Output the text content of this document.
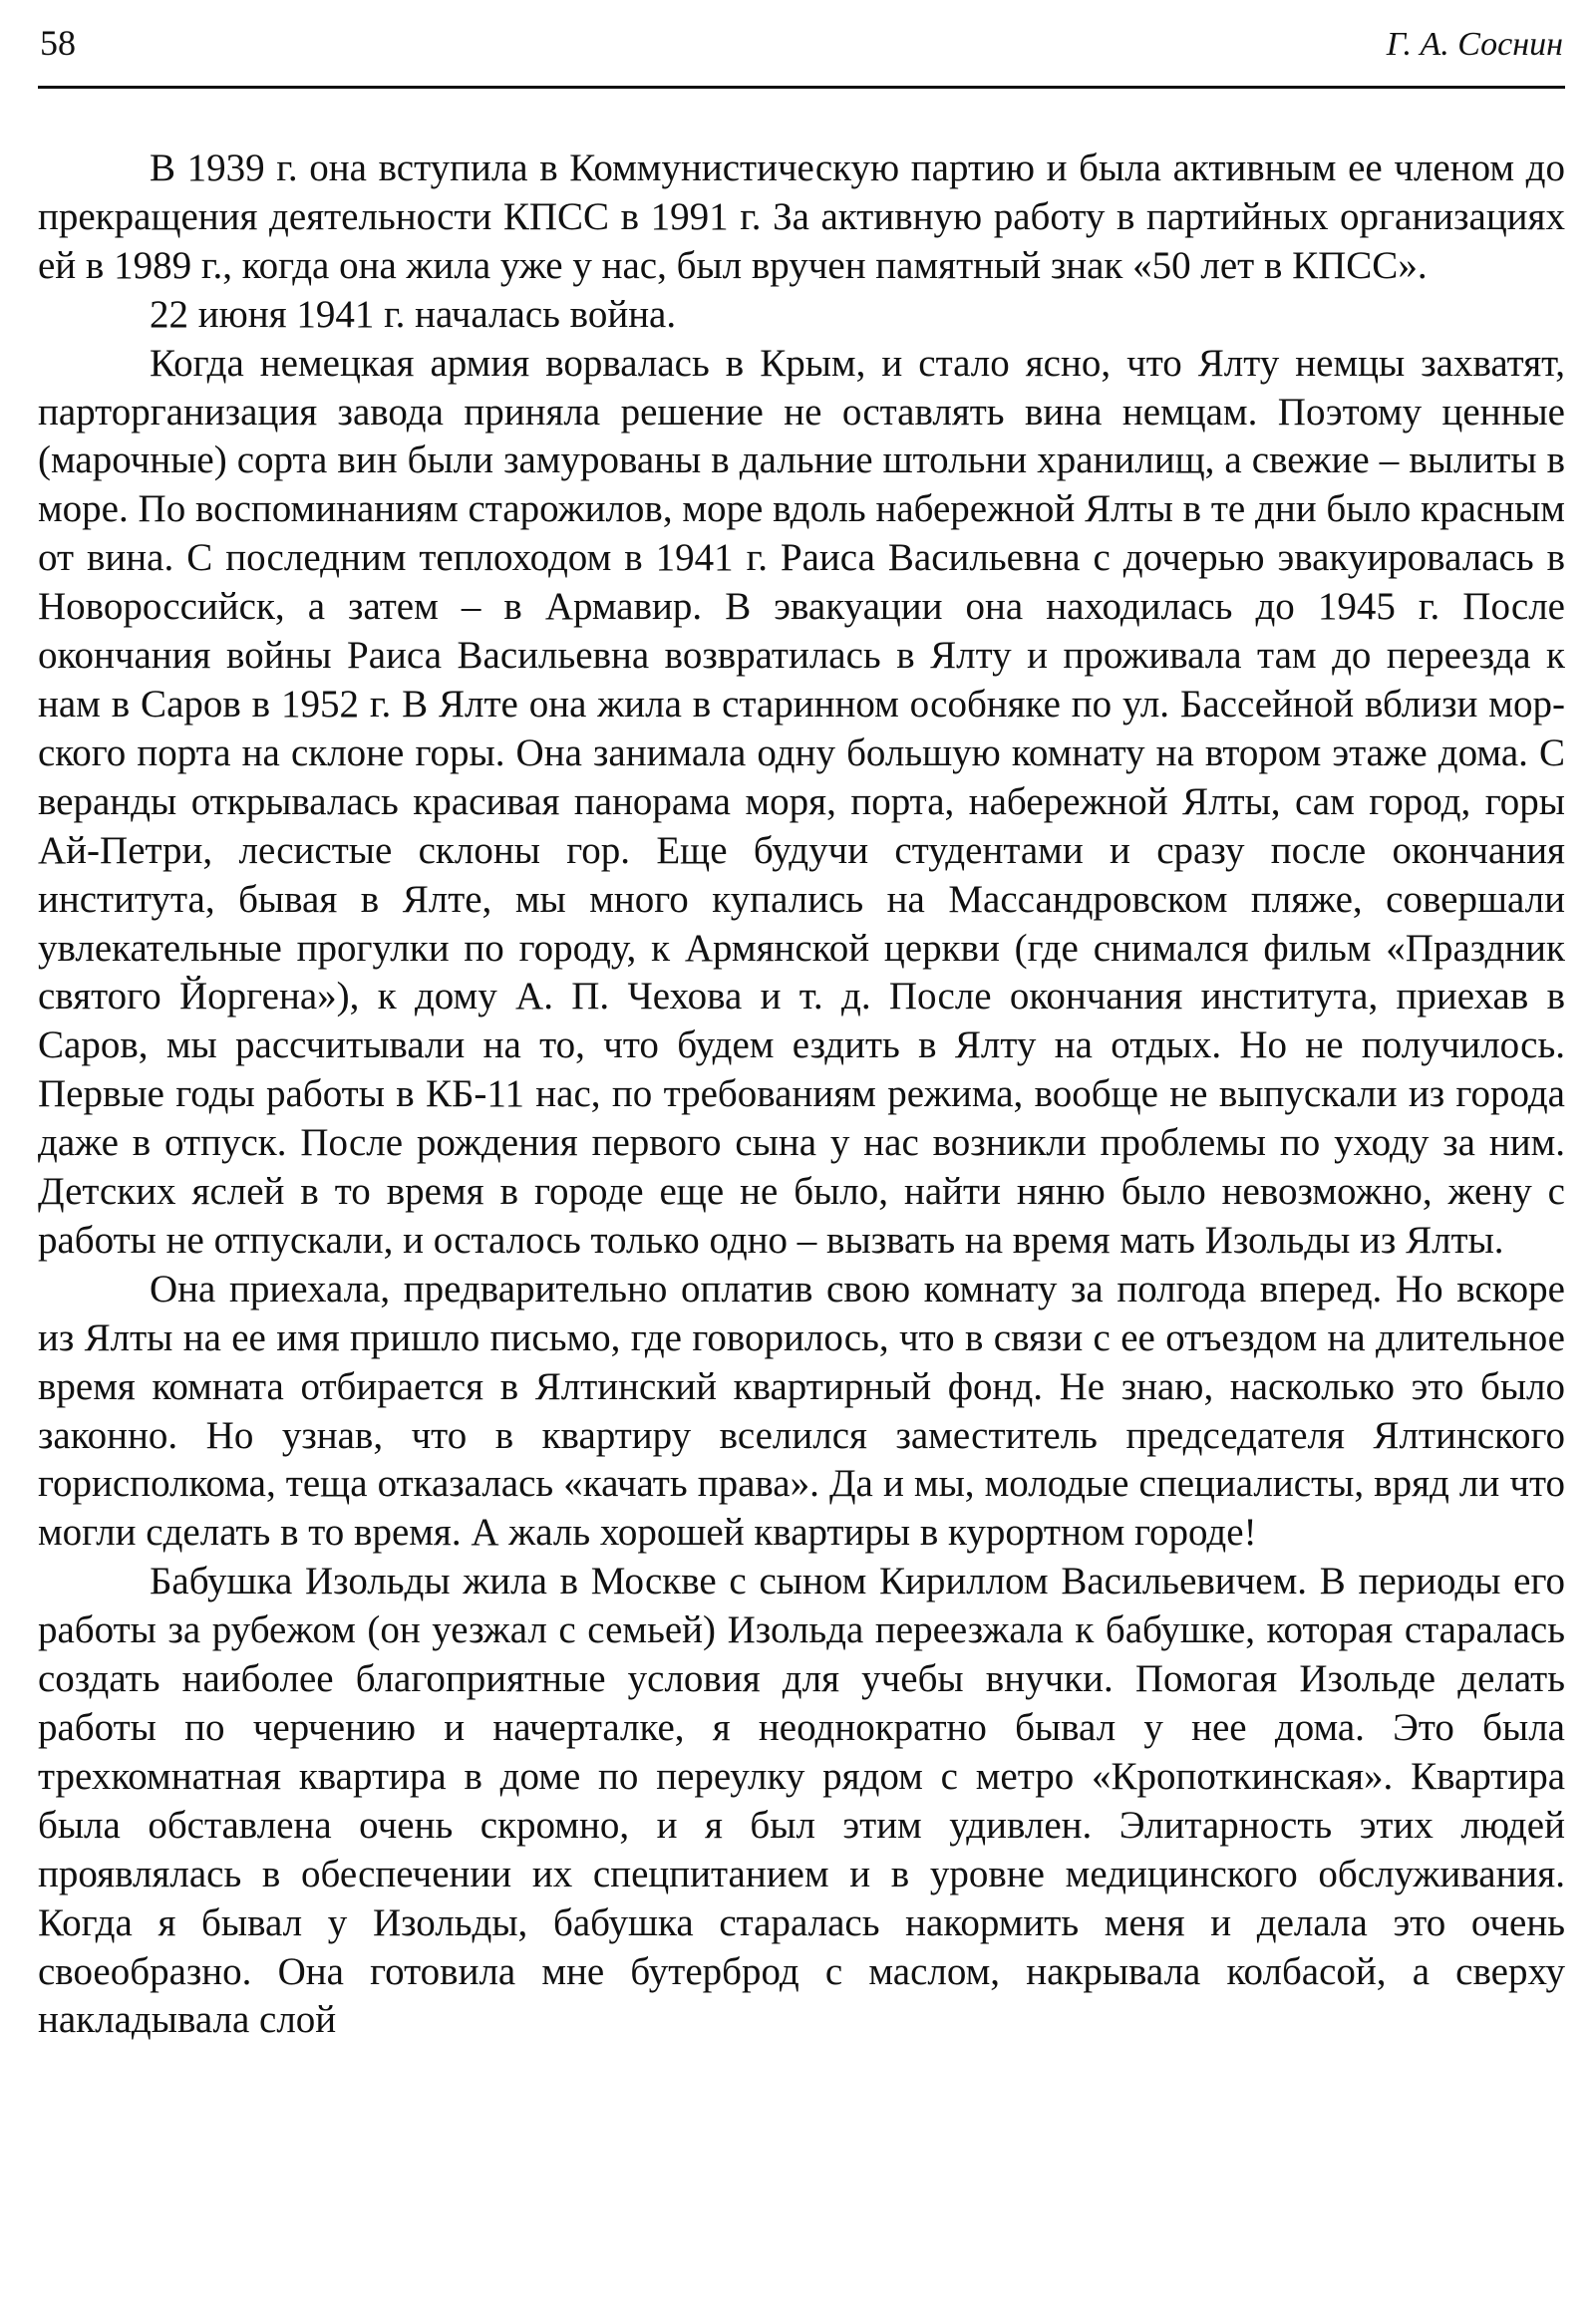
58	Г. А. Соснин

В 1939 г. она вступила в Коммунистическую партию и была активным ее членом до прекращения деятельности КПСС в 1991 г. За активную работу в партийных организациях ей в 1989 г., когда она жила уже у нас, был вручен памятный знак «50 лет в КПСС».

22 июня 1941 г. началась война.

Когда немецкая армия ворвалась в Крым, и стало ясно, что Ялту немцы захватят, парторганизация завода приняла решение не оставлять вина немцам. Поэтому ценные (марочные) сорта вин были замурованы в дальние штольни хранилищ, а свежие – вылиты в море. По воспоминаниям старожилов, море вдоль набережной Ялты в те дни было красным от вина. С последним теплоходом в 1941 г. Раиса Васильевна с дочерью эвакуировалась в Новороссийск, а затем – в Армавир. В эвакуации она находилась до 1945 г. После окончания войны Раиса Васильевна возвратилась в Ялту и проживала там до переезда к нам в Саров в 1952 г. В Ялте она жила в старинном особняке по ул. Бассейной вблизи морского порта на склоне горы. Она занимала одну большую комнату на втором этаже дома. С веранды открывалась красивая панорама моря, порта, набережной Ялты, сам город, горы Ай-Петри, лесистые склоны гор. Еще будучи студентами и сразу после окончания института, бывая в Ялте, мы много купались на Массандровском пляже, совершали увлекательные прогулки по городу, к Армянской церкви (где снимался фильм «Праздник святого Йоргена»), к дому А. П. Чехова и т. д. После окончания института, приехав в Саров, мы рассчитывали на то, что будем ездить в Ялту на отдых. Но не получилось. Первые годы работы в КБ-11 нас, по требованиям режима, вообще не выпускали из города даже в отпуск. После рождения первого сына у нас возникли проблемы по уходу за ним. Детских яслей в то время в городе еще не было, найти няню было невозможно, жену с работы не отпускали, и осталось только одно – вызвать на время мать Изольды из Ялты.

Она приехала, предварительно оплатив свою комнату за полгода вперед. Но вскоре из Ялты на ее имя пришло письмо, где говорилось, что в связи с ее отъездом на длительное время комната отбирается в Ялтинский квартирный фонд. Не знаю, насколько это было законно. Но узнав, что в квартиру вселился заместитель председателя Ялтинского горисполкома, теща отказалась «качать права». Да и мы, молодые специалисты, вряд ли что могли сделать в то время. А жаль хорошей квартиры в курортном городе!

Бабушка Изольды жила в Москве с сыном Кириллом Васильевичем. В периоды его работы за рубежом (он уезжал с семьей) Изольда переезжала к бабушке, которая старалась создать наиболее благоприятные условия для учебы внучки. Помогая Изольде делать работы по черчению и начерталке, я неоднократно бывал у нее дома. Это была трехкомнатная квартира в доме по переулку рядом с метро «Кропоткинская». Квартира была обставлена очень скромно, и я был этим удивлен. Элитарность этих людей проявлялась в обеспечении их спецпитанием и в уровне медицинского обслуживания. Когда я бывал у Изольды, бабушка старалась накормить меня и делала это очень своеобразно. Она готовила мне бутерброд с маслом, накрывала колбасой, а сверху накладывала слой
